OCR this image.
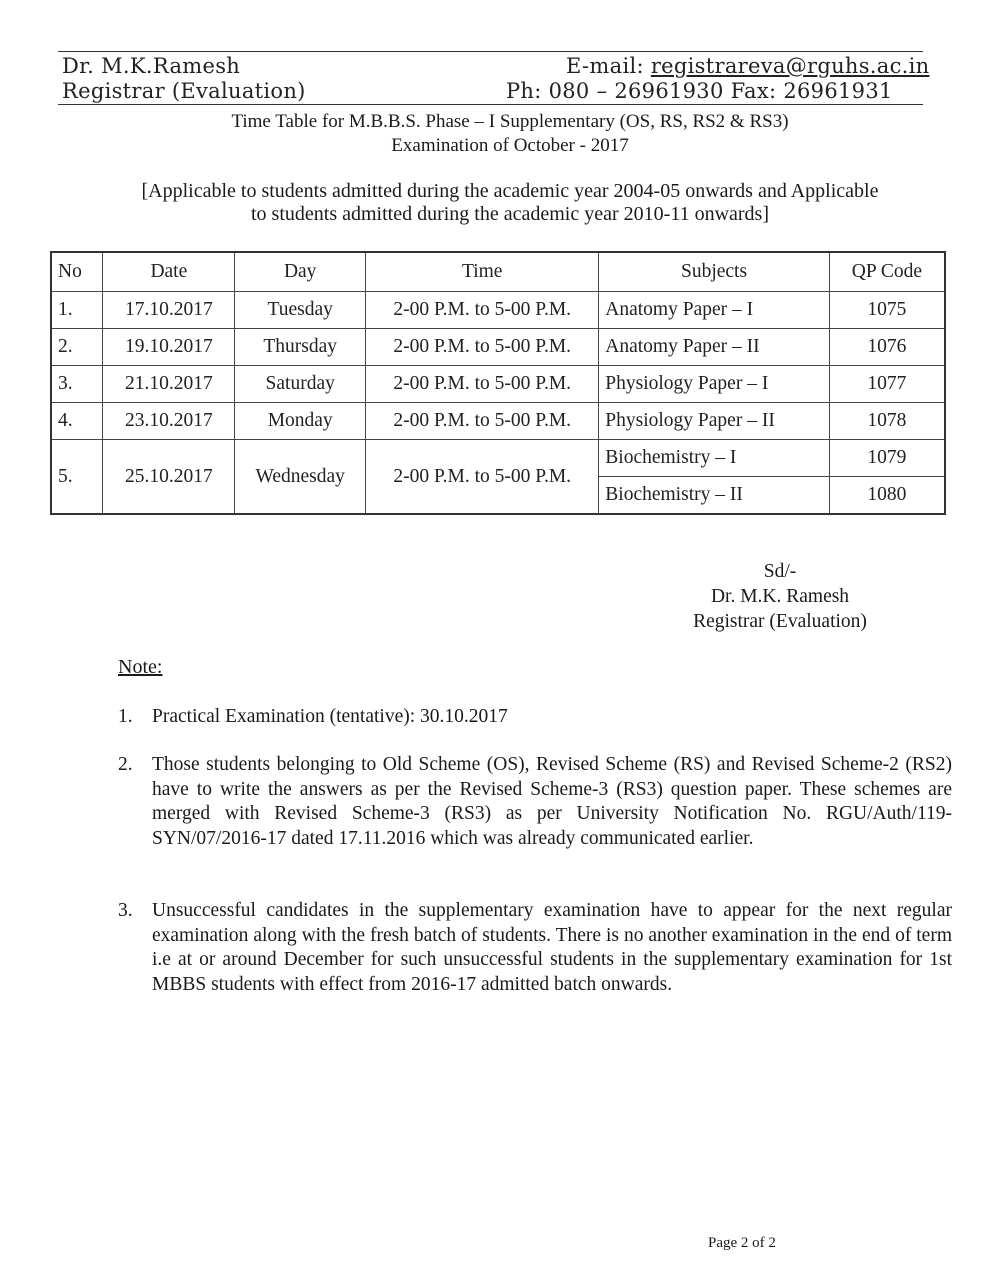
Dr. M.K.Ramesh	E-mail: registrareva@rguhs.ac.in
Registrar (Evaluation)	Ph: 080 – 26961930 Fax: 26961931
Time Table for M.B.B.S. Phase – I Supplementary (OS, RS, RS2 & RS3)
Examination of October - 2017
[Applicable to students admitted during the academic year 2004-05 onwards and Applicable
to students admitted during the academic year 2010-11 onwards]
No	Date	Day	Time	Subjects	QP Code
1.	17.10.2017	Tuesday	2-00 P.M. to 5-00 P.M.	Anatomy Paper – I	1075
2.	19.10.2017	Thursday	2-00 P.M. to 5-00 P.M.	Anatomy Paper – II	1076
3.	21.10.2017	Saturday	2-00 P.M. to 5-00 P.M.	Physiology Paper – I	1077
4.	23.10.2017	Monday	2-00 P.M. to 5-00 P.M.	Physiology Paper – II	1078
5.	25.10.2017	Wednesday	2-00 P.M. to 5-00 P.M.	Biochemistry – I	1079
				Biochemistry – II	1080
Sd/-
Dr. M.K. Ramesh
Registrar (Evaluation)
Note:
1. Practical Examination (tentative): 30.10.2017
2. Those students belonging to Old Scheme (OS), Revised Scheme (RS) and Revised Scheme-2 (RS2) have to write the answers as per the Revised Scheme-3 (RS3) question paper. These schemes are merged with Revised Scheme-3 (RS3) as per University Notification No. RGU/Auth/119-SYN/07/2016-17 dated 17.11.2016 which was already communicated earlier.
3. Unsuccessful candidates in the supplementary examination have to appear for the next regular examination along with the fresh batch of students. There is no another examination in the end of term i.e at or around December for such unsuccessful students in the supplementary examination for 1st MBBS students with effect from 2016-17 admitted batch onwards.
Page 2 of 2
